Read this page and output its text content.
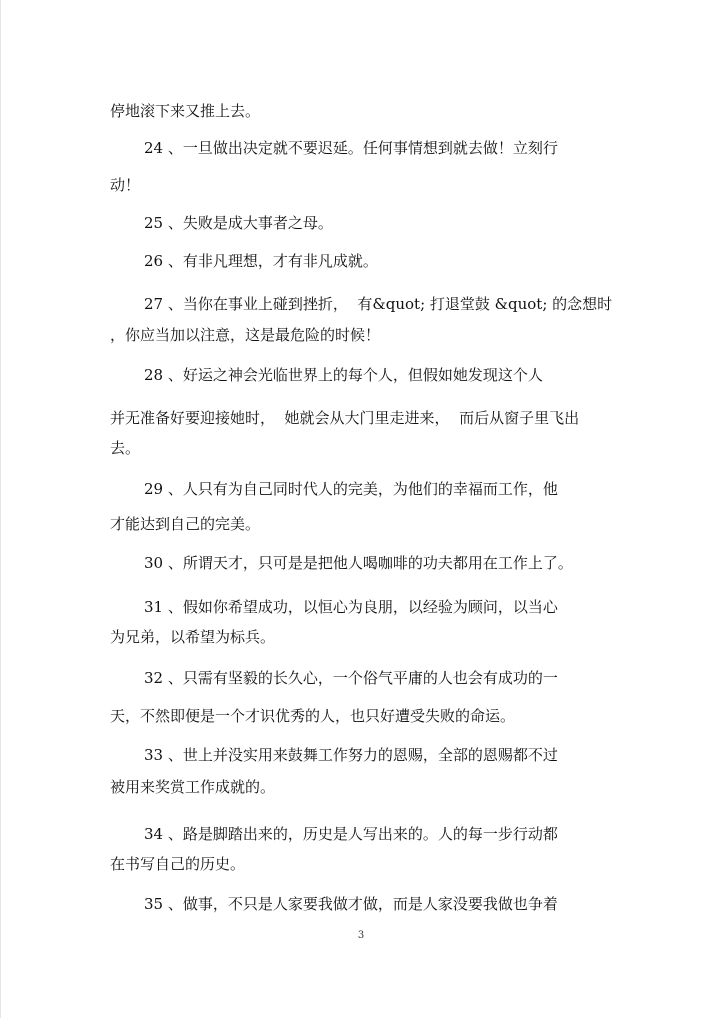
停地滚下来又推上去。
24 、一旦做出决定就不要迟延。任何事情想到就去做！立刻行
动！
25 、失败是成大事者之母。
26 、有非凡理想，才有非凡成就。
27 、当你在事业上碰到挫折，  有&quot; 打退堂鼓 &quot; 的念想时
，你应当加以注意，这是最危险的时候！
28 、好运之神会光临世界上的每个人，但假如她发现这个人
并无准备好要迎接她时，  她就会从大门里走进来，  而后从窗子里飞出
去。
29 、人只有为自己同时代人的完美，为他们的幸福而工作，他
才能达到自己的完美。
30 、所谓天才，只可是是把他人喝咖啡的功夫都用在工作上了。
31 、假如你希望成功，以恒心为良朋，以经验为顾问，以当心
为兄弟，以希望为标兵。
32 、只需有坚毅的长久心，一个俗气平庸的人也会有成功的一
天，不然即便是一个才识优秀的人，也只好遭受失败的命运。
33 、世上并没实用来鼓舞工作努力的恩赐，全部的恩赐都不过
被用来奖赏工作成就的。
34 、路是脚踏出来的，历史是人写出来的。人的每一步行动都
在书写自己的历史。
35 、做事，不只是人家要我做才做，而是人家没要我做也争着
3
